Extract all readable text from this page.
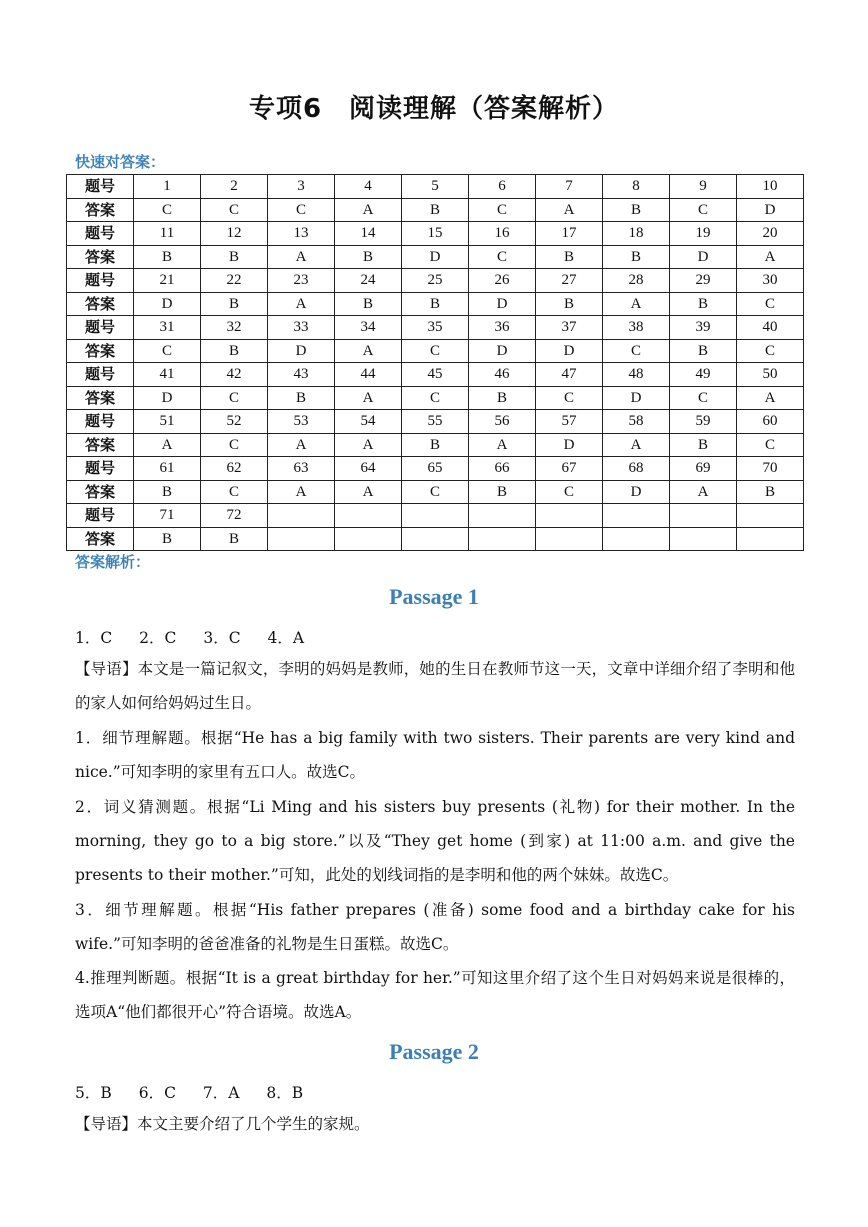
专项6　阅读理解（答案解析）
快速对答案：
题号	1	2	3	4	5	6	7	8	9	10
答案	C	C	C	A	B	C	A	B	C	D
题号	11	12	13	14	15	16	17	18	19	20
答案	B	B	A	B	D	C	B	B	D	A
题号	21	22	23	24	25	26	27	28	29	30
答案	D	B	A	B	B	D	B	A	B	C
题号	31	32	33	34	35	36	37	38	39	40
答案	C	B	D	A	C	D	D	C	B	C
题号	41	42	43	44	45	46	47	48	49	50
答案	D	C	B	A	C	B	C	D	C	A
题号	51	52	53	54	55	56	57	58	59	60
答案	A	C	A	A	B	A	D	A	B	C
题号	61	62	63	64	65	66	67	68	69	70
答案	B	C	A	A	C	B	C	D	A	B
题号	71	72								
答案	B	B								
答案解析：
Passage 1
1．C 2．C 3．C 4．A
【导语】本文是一篇记叙文，李明的妈妈是教师，她的生日在教师节这一天，文章中详细介绍了李明和他的家人如何给妈妈过生日。
1．细节理解题。根据“He has a big family with two sisters. Their parents are very kind and nice.”可知李明的家里有五口人。故选C。
2．词义猜测题。根据“Li Ming and his sisters buy presents (礼物) for their mother. In the morning, they go to a big store.”以及“They get home (到家) at 11:00 a.m. and give the presents to their mother.”可知，此处的划线词指的是李明和他的两个妹妹。故选C。
3．细节理解题。根据“His father prepares (准备) some food and a birthday cake for his wife.”可知李明的爸爸准备的礼物是生日蛋糕。故选C。
4.推理判断题。根据“It is a great birthday for her.”可知这里介绍了这个生日对妈妈来说是很棒的，选项A“他们都很开心”符合语境。故选A。
Passage 2
5．B 6．C 7．A 8．B
【导语】本文主要介绍了几个学生的家规。
